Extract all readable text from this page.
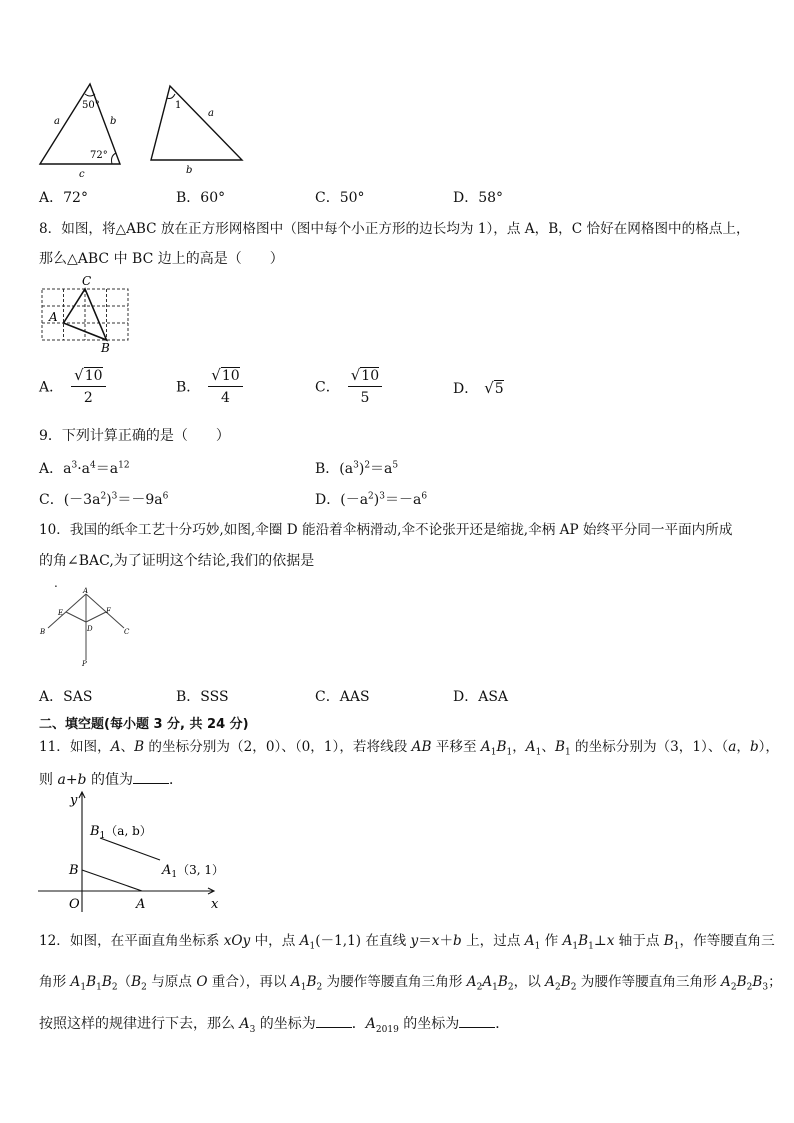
50°
72°
a	b
c
1
a
b
A．72°	B．60°	C．50°	D．58°
8．如图，将△ABC 放在正方形网格图中（图中每个小正方形的边长均为 1），点 A，B，C 恰好在网格图中的格点上，
那么△ABC 中 BC 边上的高是（　　）
C
A
B
A． $\frac{√10}{2}$	B． $\frac{√10}{4}$	C． $\frac{√10}{5}$	D． √5
9．下列计算正确的是（　　）
A．$a^3\cdot a^4=a^{12}$	B．$(a^3)^2=a^5$
C．$(-3a^2)^3=-9a^6$	D．$(-a^2)^3=-a^6$
10．我国的纸伞工艺十分巧妙,如图,伞圈 D 能沿着伞柄滑动,伞不论张开还是缩拢,伞柄 AP 始终平分同一平面内所成
的角∠BAC,为了证明这个结论,我们的依据是
.
A
E	F
D
B	C
P
A．SAS	B．SSS	C．AAS	D．ASA
二、填空题(每小题 3 分, 共 24 分)
11．如图，A、B 的坐标分别为（2，0）、（0，1），若将线段 AB 平移至 $A_1B_1$，$A_1$、$B_1$ 的坐标分别为（3，1）、（a，b），
则 a+b 的值为	．
y
x
O	A
B
$B_1(a$, b）
$A_1(3$, 1）
12．如图，在平面直角坐标系 xOy 中，点 $A_1(-1,1)$ 在直线 y＝x＋b 上，过点 $A_1$ 作 $A_1B_1\perp x$ 轴于点 $B_1$，作等腰直角三
角形 $A_1B_1B_2(B_2$ 与原点 O 重合），再以 $A_1B_2$ 为腰作等腰直角三角形 $A_2A_1B_2$，以 $A_2B_2$ 为腰作等腰直角三角形 $A_2B_2B_3$；
按照这样的规律进行下去，那么 $A_3$ 的坐标为	．$A_{2019}$ 的坐标为	．
